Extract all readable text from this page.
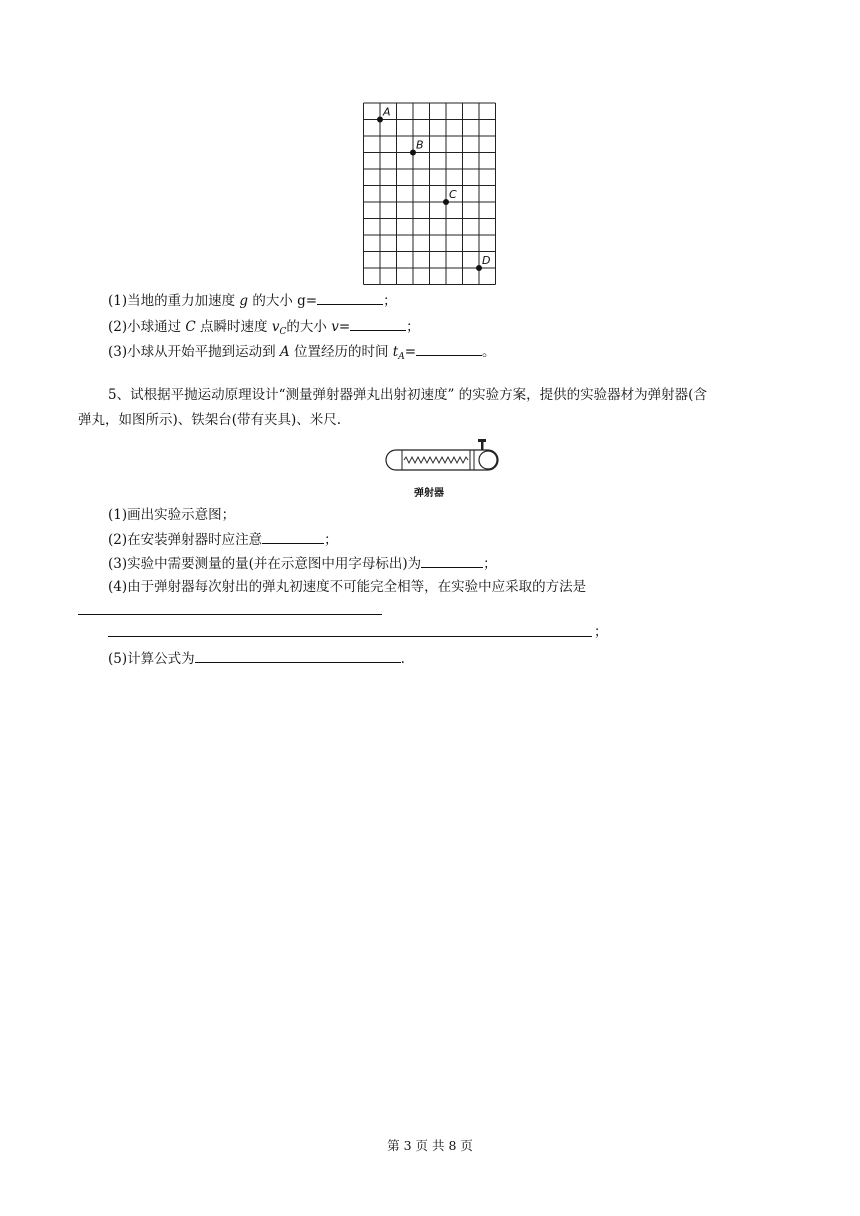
A
B
C
D
(1)当地的重力加速度 g 的大小 g=	；
(2)小球通过 C 点瞬时速度 $v_C$的大小 v=	；
(3)小球从开始平抛到运动到 A 位置经历的时间 $t_A=$	。
5、试根据平抛运动原理设计“测量弹射器弹丸出射初速度” 的实验方案，提供的实验器材为弹射器(含
弹丸，如图所示)、铁架台(带有夹具)、米尺.
弹射器
(1)画出实验示意图；
(2)在安装弹射器时应注意	；
(3)实验中需要测量的量(并在示意图中用字母标出)为	；
(4)由于弹射器每次射出的弹丸初速度不可能完全相等，在实验中应采取的方法是
；
(5)计算公式为	.
第 3 页 共 8 页
